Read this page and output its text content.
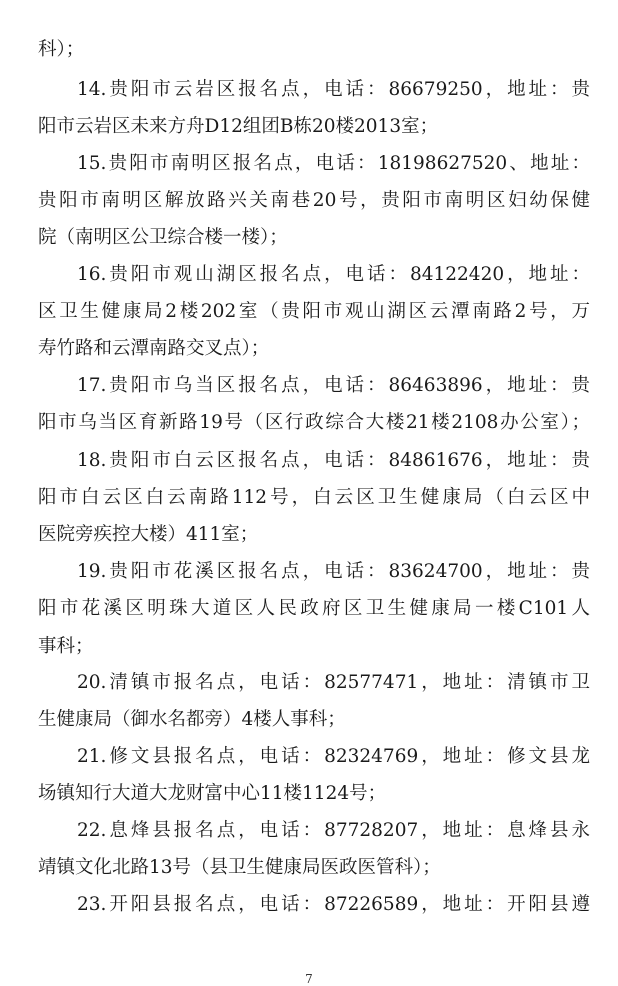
科）；
14.贵阳市云岩区报名点，电话：86679250，地址：贵
阳市云岩区未来方舟D12组团B栋20楼2013室；
15.贵阳市南明区报名点，电话：18198627520、地址：
贵阳市南明区解放路兴关南巷20号，贵阳市南明区妇幼保健
院（南明区公卫综合楼一楼）；
16.贵阳市观山湖区报名点，电话：84122420，地址：
区卫生健康局2楼202室（贵阳市观山湖区云潭南路2号，万
寿竹路和云潭南路交叉点）；
17.贵阳市乌当区报名点，电话：86463896，地址：贵
阳市乌当区育新路19号（区行政综合大楼21楼2108办公室）；
18.贵阳市白云区报名点，电话：84861676，地址：贵
阳市白云区白云南路112号，白云区卫生健康局（白云区中
医院旁疾控大楼）411室；
19.贵阳市花溪区报名点，电话：83624700，地址：贵
阳市花溪区明珠大道区人民政府区卫生健康局一楼C101人
事科；
20.清镇市报名点，电话：82577471，地址：清镇市卫
生健康局（御水名都旁）4楼人事科；
21.修文县报名点，电话：82324769，地址：修文县龙
场镇知行大道大龙财富中心11楼1124号；
22.息烽县报名点，电话：87728207，地址：息烽县永
靖镇文化北路13号（县卫生健康局医政医管科）；
23.开阳县报名点，电话：87226589，地址：开阳县遵
7
